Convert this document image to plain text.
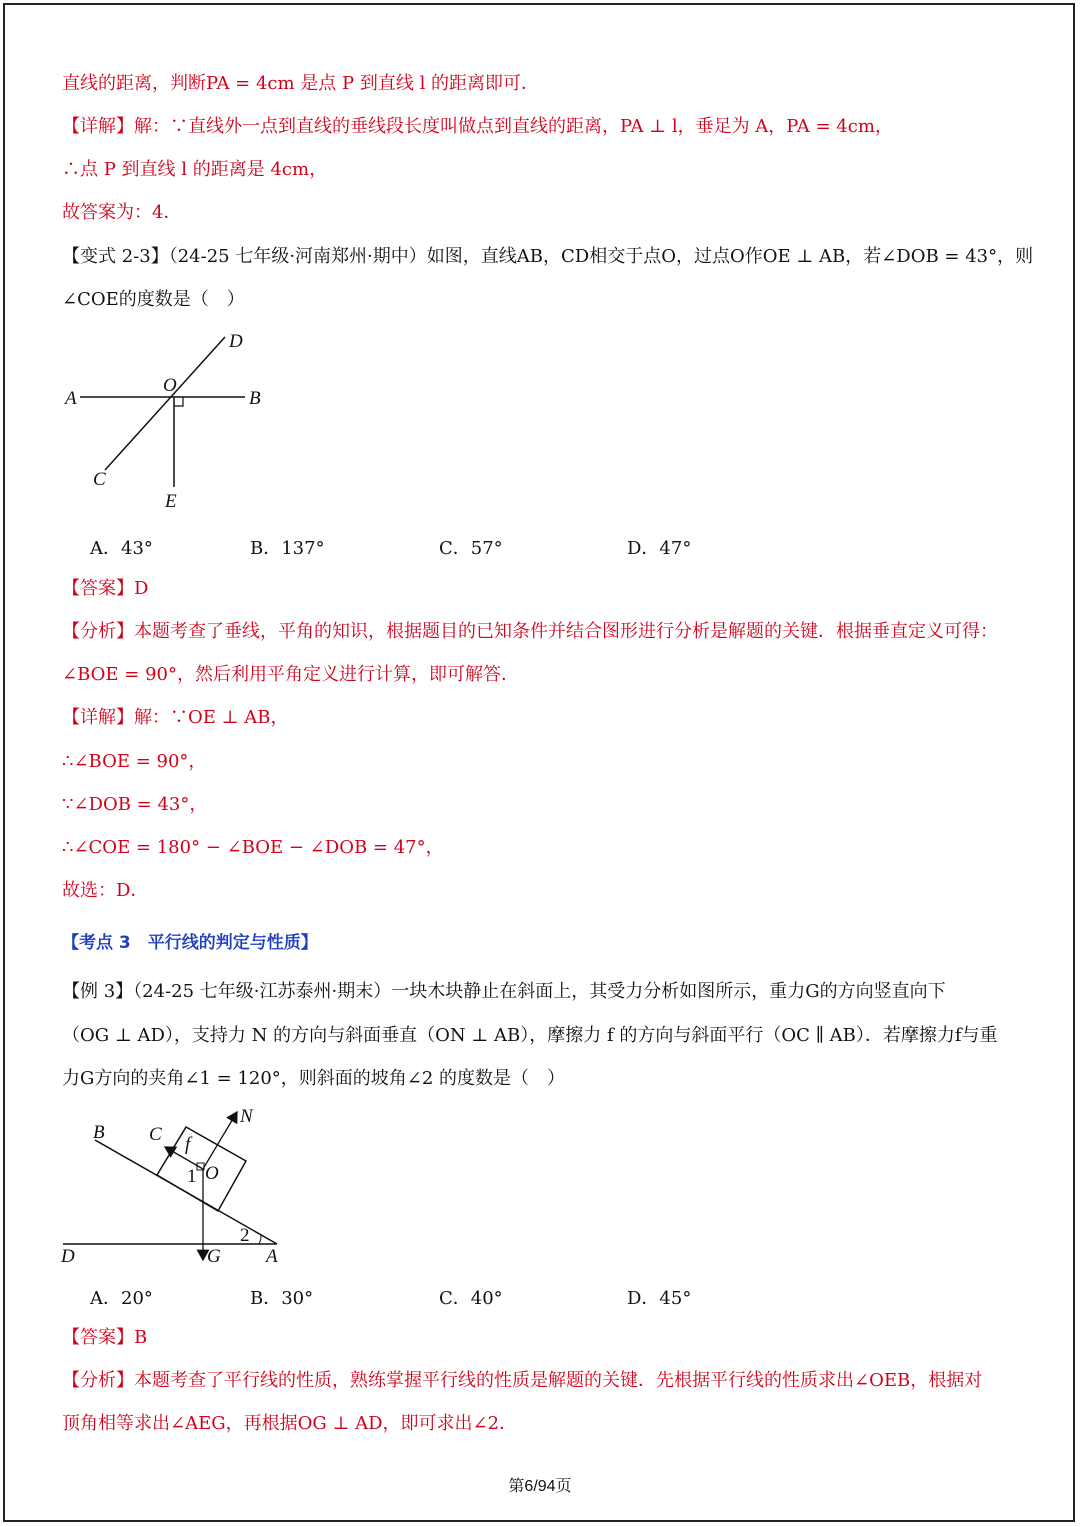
直线的距离，判断PA = 4cm 是点 P 到直线 l 的距离即可．
【详解】解：∵直线外一点到直线的垂线段长度叫做点到直线的距离，PA ⊥ l，垂足为 A，PA = 4cm，
∴点 P 到直线 l 的距离是 4cm，
故答案为：4．
【变式 2-3】（24-25 七年级·河南郑州·期中）如图，直线AB，CD相交于点O，过点O作OE ⊥ AB，若∠DOB = 43°，则
∠COE的度数是（　）
A	B
C
D
O
E
A．43°	B．137°	C．57°	D．47°
【答案】D
【分析】本题考查了垂线，平角的知识，根据题目的已知条件并结合图形进行分析是解题的关键．根据垂直定义可得：
∠BOE = 90°，然后利用平角定义进行计算，即可解答．
【详解】解：∵OE ⊥ AB，
∴∠BOE = 90°，
∵∠DOB = 43°，
∴∠COE = 180° − ∠BOE − ∠DOB = 47°，
故选：D．
【考点 3　平行线的判定与性质】
【例 3】（24-25 七年级·江苏泰州·期末）一块木块静止在斜面上，其受力分析如图所示，重力G的方向竖直向下
（OG ⊥ AD），支持力 N 的方向与斜面垂直（ON ⊥ AB），摩擦力 f 的方向与斜面平行（OC ∥ AB）．若摩擦力f与重
力G方向的夹角∠1 = 120°，则斜面的坡角∠2 的度数是（　）
B C
N
f
O
1
2
D	G A
A．20°	B．30°	C．40°	D．45°
【答案】B
【分析】本题考查了平行线的性质，熟练掌握平行线的性质是解题的关键．先根据平行线的性质求出∠OEB，根据对
顶角相等求出∠AEG，再根据OG ⊥ AD，即可求出∠2．
第6/94页
